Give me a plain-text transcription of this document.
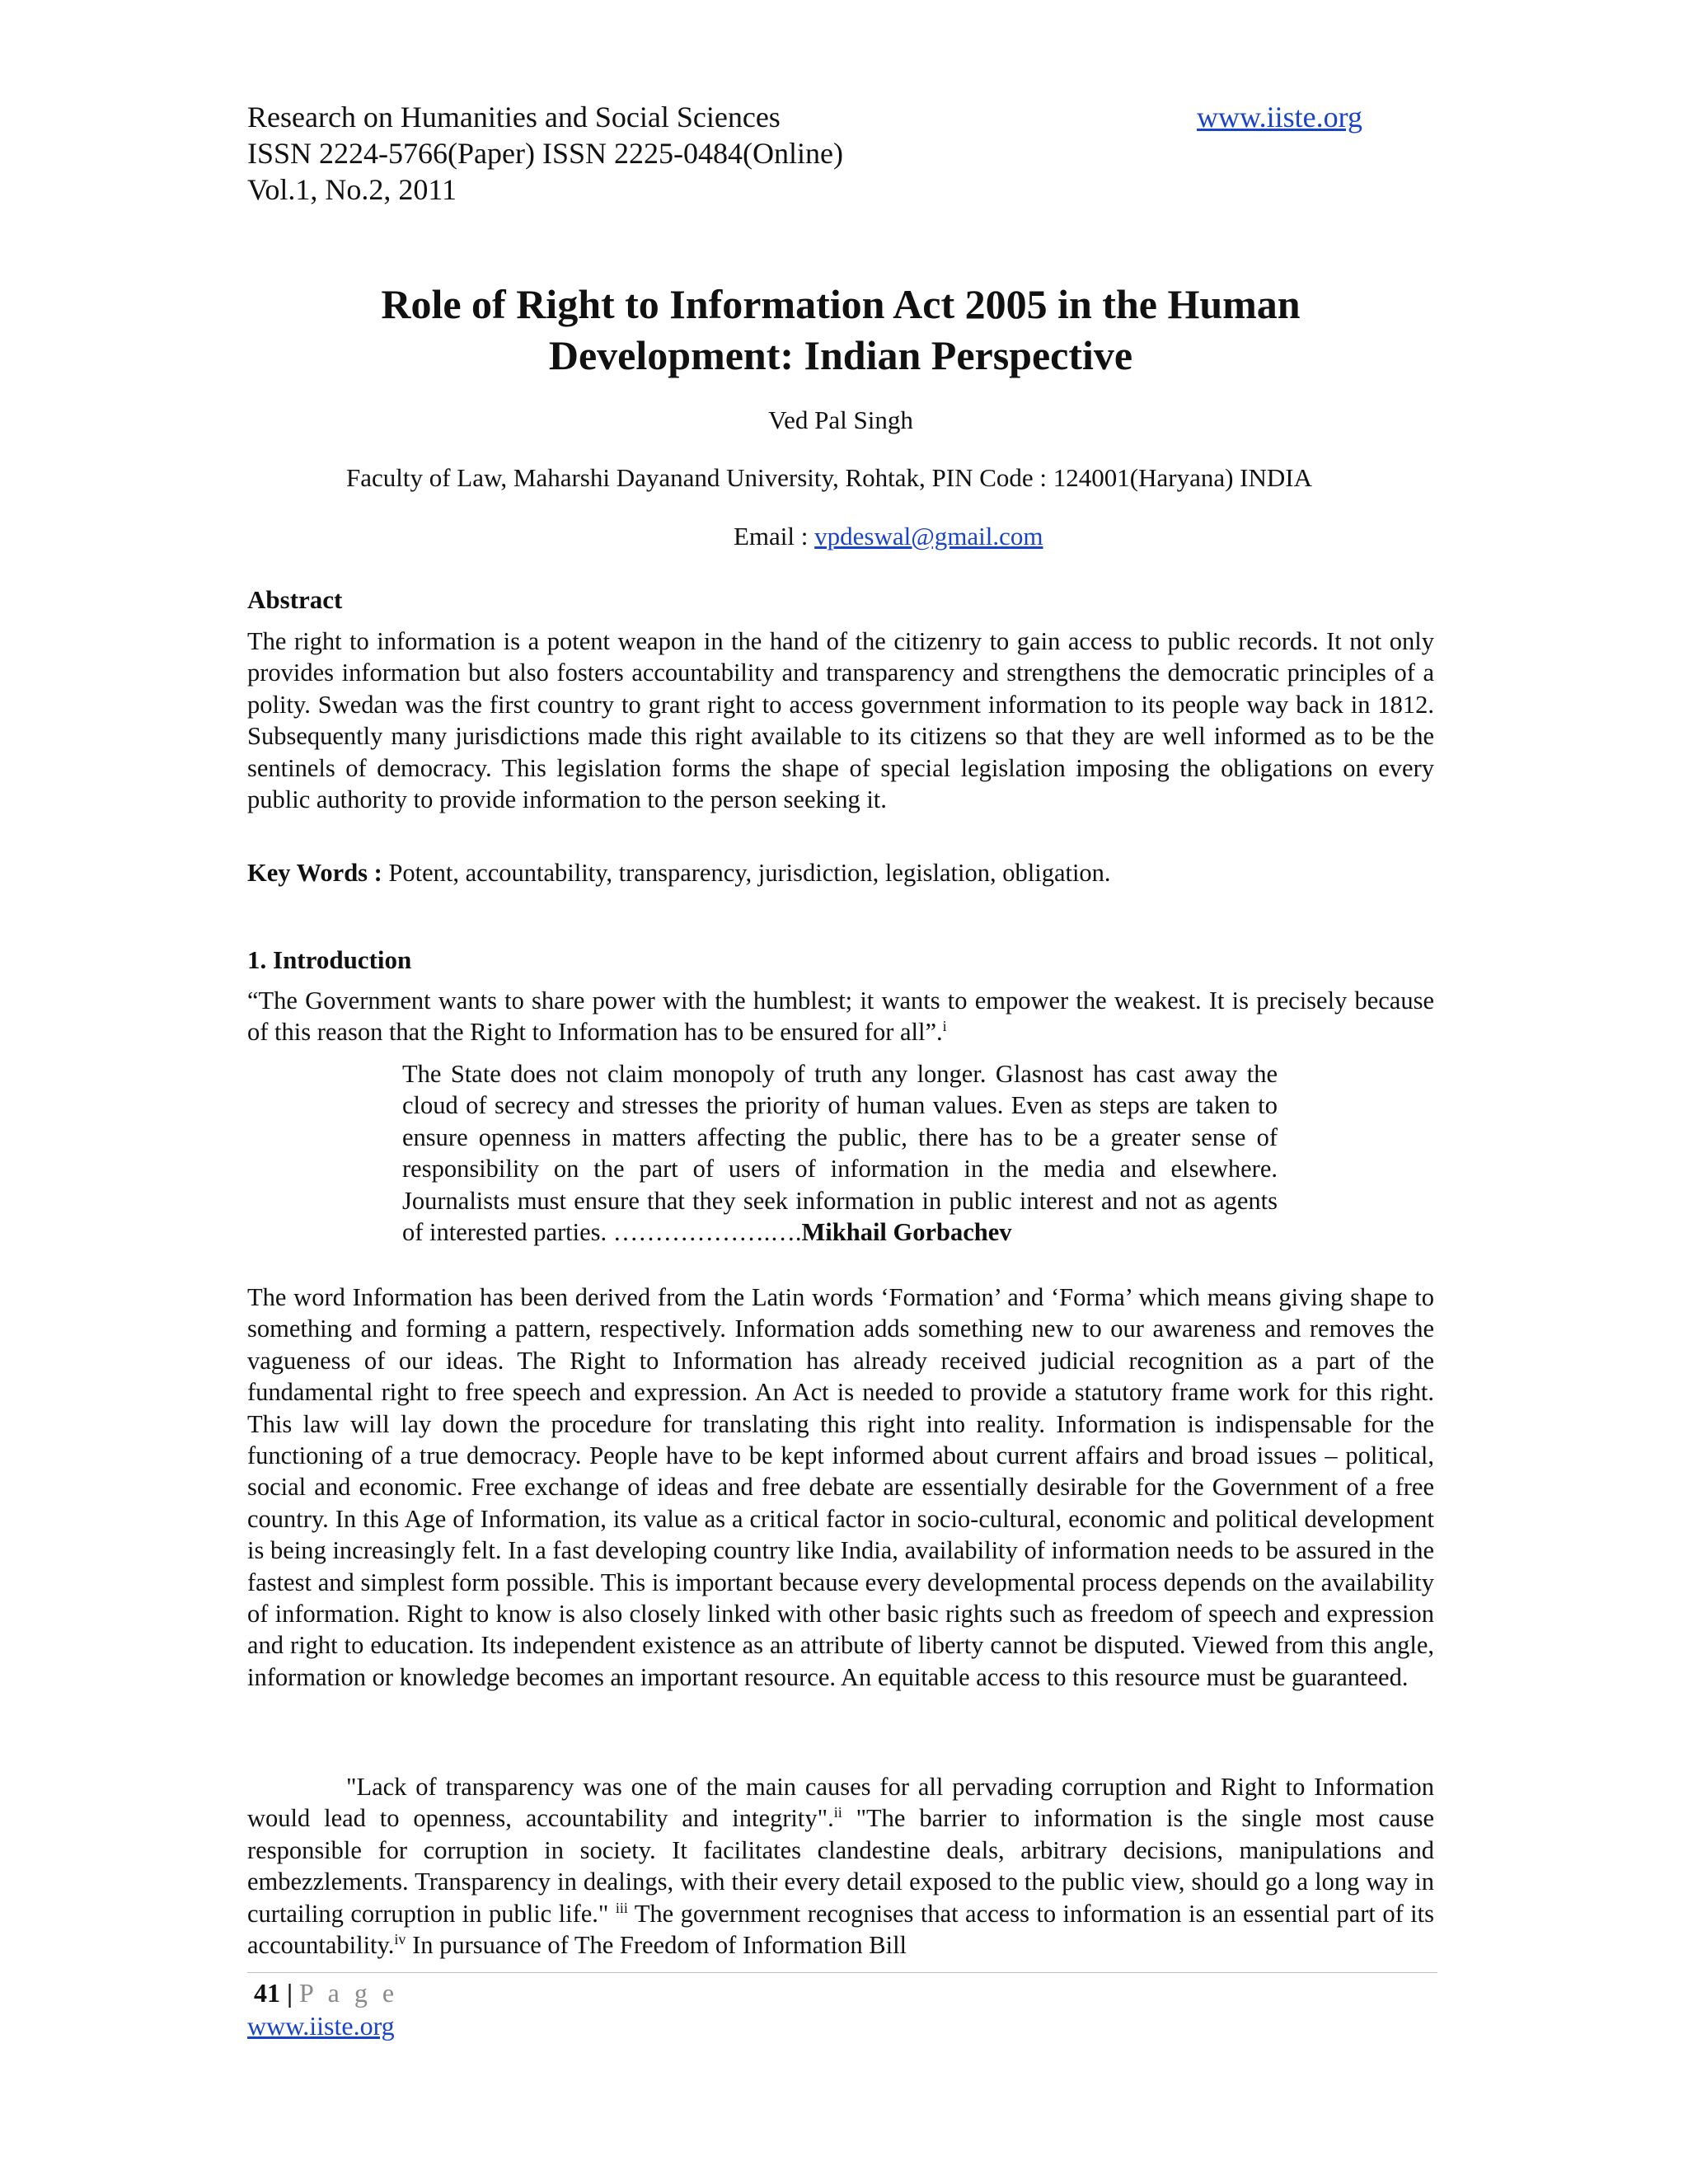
Research on Humanities and Social Sciences	www.iiste.org
ISSN 2224-5766(Paper) ISSN 2225-0484(Online)
Vol.1, No.2, 2011
Role of Right to Information Act 2005 in the Human
Development: Indian Perspective
Ved Pal Singh
Faculty of Law, Maharshi Dayanand University, Rohtak, PIN Code : 124001(Haryana) INDIA
Email : vpdeswal@gmail.com
Abstract

The right to information is a potent weapon in the hand of the citizenry to gain access to public records. It not only provides information but also fosters accountability and transparency and strengthens the democratic principles of a polity. Swedan was the first country to grant right to access government information to its people way back in 1812. Subsequently many jurisdictions made this right available to its citizens so that they are well informed as to be the sentinels of democracy. This legislation forms the shape of special legislation imposing the obligations on every public authority to provide information to the person seeking it.

Key Words : Potent, accountability, transparency, jurisdiction, legislation, obligation.

1. Introduction

“The Government wants to share power with the humblest; it wants to empower the weakest. It is precisely because of this reason that the Right to Information has to be ensured for all”.$^i$

The State does not claim monopoly of truth any longer. Glasnost has cast away the cloud of secrecy and stresses the priority of human values. Even as steps are taken to ensure openness in matters affecting the public, there has to be a greater sense of responsibility on the part of users of information in the media and elsewhere. Journalists must ensure that they seek information in public interest and not as agents of interested parties. ……………….….Mikhail Gorbachev

The word Information has been derived from the Latin words ‘Formation’ and ‘Forma’ which means giving shape to something and forming a pattern, respectively. Information adds something new to our awareness and removes the vagueness of our ideas. The Right to Information has already received judicial recognition as a part of the fundamental right to free speech and expression. An Act is needed to provide a statutory frame work for this right. This law will lay down the procedure for translating this right into reality. Information is indispensable for the functioning of a true democracy. People have to be kept informed about current affairs and broad issues – political, social and economic. Free exchange of ideas and free debate are essentially desirable for the Government of a free country. In this Age of Information, its value as a critical factor in socio-cultural, economic and political development is being increasingly felt. In a fast developing country like India, availability of information needs to be assured in the fastest and simplest form possible. This is important because every developmental process depends on the availability of information. Right to know is also closely linked with other basic rights such as freedom of speech and expression and right to education. Its independent existence as an attribute of liberty cannot be disputed. Viewed from this angle, information or knowledge becomes an important resource. An equitable access to this resource must be guaranteed.

"Lack of transparency was one of the main causes for all pervading corruption and Right to Information would lead to openness, accountability and integrity".$^{ii}$ "The barrier to information is the single most cause responsible for corruption in society. It facilitates clandestine deals, arbitrary decisions, manipulations and embezzlements. Transparency in dealings, with their every detail exposed to the public view, should go a long way in curtailing corruption in public life." $^{iii}$ The government recognises that access to information is an essential part of its accountability.$^{iv}$ In pursuance of The Freedom of Information Bill

41 | P a g e
www.iiste.org
